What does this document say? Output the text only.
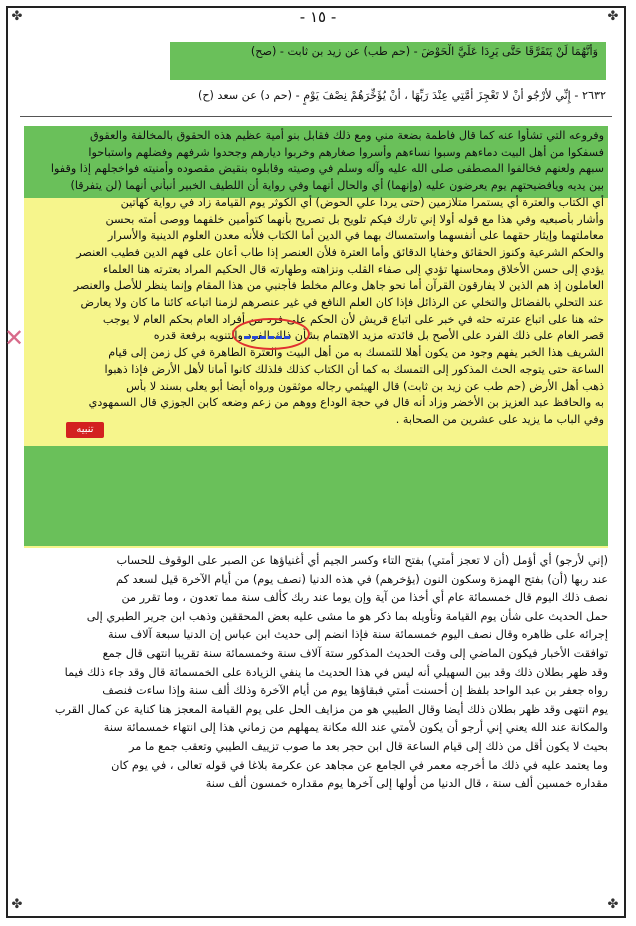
✤	✤
✤	✤
- ١٥ -
وَأَنَّهُمَا لَنْ يَتَفَرَّقَا حَتَّى يَرِدَا عَلَيَّ الْحَوْضَ - (حم طب) عن زيد بن ثابت - (صح)
٢٦٣٢ - إِنِّي لأَرْجُو أَنْ لا تَعْجِزَ أُمَّتِي عِنْدَ رَبِّهَا ، أَنْ يُؤَخِّرَهُمْ نِصْفَ يَوْمٍ - (حم د) عن سعد (ح)
وفروعه التي تشأوا عنه كما قال فاطمة بضعة مني ومع ذلك فقابل بنو أمية عظيم هذه الحقوق بالمخالفة والعقوق
فسفكوا من أهل البيت دماءهم وسبوا نساءهم وأسروا صغارهم وخربوا ديارهم وجحدوا شرفهم وفضلهم واستباحوا
سبهم ولعنهم فخالفوا المصطفى صلى الله عليه وآله وسلم في وصيته وقابلوه بنقيض مقصوده وأمنيته فواخجلهم إذا وقفوا
بين يديه ويافضيحتهم يوم يعرضون عليه (وإنهما) أي والحال أنهما وفي رواية أن اللطيف الخبير أنبأني أنهما (لن يتفرقا)
أي الكتاب والعترة أي يستمرا متلازمين (حتى يردا علي الحوض) أي الكوثر يوم القيامة زاد في رواية كهاتين
وأشار بأصبعيه وفي هذا مع قوله أولا إني تارك فيكم تلويح بل تصريح بأنهما كتوأمين خلفهما ووصى أمته بحسن
معاملتهما وإيثار حقهما على أنفسهما واستمساك بهما في الدين أما الكتاب فلأنه معدن العلوم الدينية والأسرار
والحكم الشرعية وكنوز الحقائق وخفايا الدقائق وأما العترة فلأن العنصر إذا طاب أعان على فهم الدين فطيب العنصر
يؤدي إلى حسن الأخلاق ومحاسنها تؤدي إلى صفاء القلب ونزاهته وطهارته قال الحكيم المراد بعترته هنا العلماء
العاملون إذ هم الذين لا يفارقون القرآن أما نحو جاهل وعالم مخلط فأجنبي من هذا المقام وإنما ينظر للأصل والعنصر
عند التحلي بالفضائل والتخلي عن الرذائل فإذا كان العلم النافع في غير عنصرهم لزمنا اتباعه كائنا ما كان ولا يعارض
حثه هنا على اتباع عترته حثه في خبر على اتباع قريش لأن الحكم على فرد من أفراد العام بحكم العام لا يوجب
قصر العام على ذلك الفرد على الأصح بل فائدته مزيد الاهتمام بشأن ذلك الفرد والتنويه برفعة قدره
الشريف هذا الخبر يفهم وجود من يكون أهلا للتمسك به من أهل البيت والعترة الطاهرة في كل زمن إلى قيام
الساعة حتى يتوجه الحث المذكور إلى التمسك به كما أن الكتاب كذلك فلذلك كانوا أمانا لأهل الأرض فإذا ذهبوا
ذهب أهل الأرض (حم طب عن زيد بن ثابت) قال الهيثمي رجاله موثقون ورواه أيضا أبو يعلى بسند لا بأس
به والحافظ عبد العزيز بن الأخضر وزاد أنه قال في حجة الوداع ووهم من زعم وضعه كابن الجوزي قال السمهودي
وفي الباب ما يزيد على عشرين من الصحابة .
تنبيه
✕
(إني لأرجو) أي أؤمل (أن لا تعجز أمتي) بفتح التاء وكسر الجيم أي أغنياؤها عن الصبر على الوقوف للحساب
عند ربها (أن) بفتح الهمزة وسكون النون (يؤخرهم) في هذه الدنيا (نصف يوم) من أيام الآخرة قيل لسعد كم
نصف ذلك اليوم قال خمسمائة عام أي أخذا من آية وإن يوما عند ربك كألف سنة مما تعدون ، وما تقرر من
حمل الحديث على شأن يوم القيامة وتأويله بما ذكر هو ما مشى عليه بعض المحققين وذهب ابن جرير الطبري إلى
إجرائه على ظاهره وقال نصف اليوم خمسمائة سنة فإذا انضم إلى حديث ابن عباس إن الدنيا سبعة آلاف سنة
توافقت الأخبار فيكون الماضي إلى وقت الحديث المذكور ستة آلاف سنة وخمسمائة سنة تقريبا انتهى قال جمع
وقد ظهر بطلان ذلك وقد بين السهيلي أنه ليس في هذا الحديث ما ينفي الزيادة على الخمسمائة قال وقد جاء ذلك فيما
رواه جعفر بن عبد الواحد بلفظ إن أحسنت أمتي فبقاؤها يوم من أيام الآخرة وذلك ألف سنة وإذا ساءت فنصف
يوم انتهى وقد ظهر بطلان ذلك أيضا وقال الطيبي هو من مزايف الحل على يوم القيامة المعجز هنا كناية عن كمال القرب
والمكانة عند الله يعني إني أرجو أن يكون لأمتي عند الله مكانة يمهلهم من زماني هذا إلى انتهاء خمسمائة سنة
بحيث لا يكون أقل من ذلك إلى قيام الساعة قال ابن حجر بعد ما صوب تزييف الطيبي وتعقب جمع ما مر
وما يعتمد عليه في ذلك ما أخرجه معمر في الجامع عن مجاهد عن عكرمة بلاغا في قوله تعالى ، في يوم كان
مقداره خمسين ألف سنة ، قال الدنيا من أولها إلى آخرها يوم مقداره خمسون ألف سنة
